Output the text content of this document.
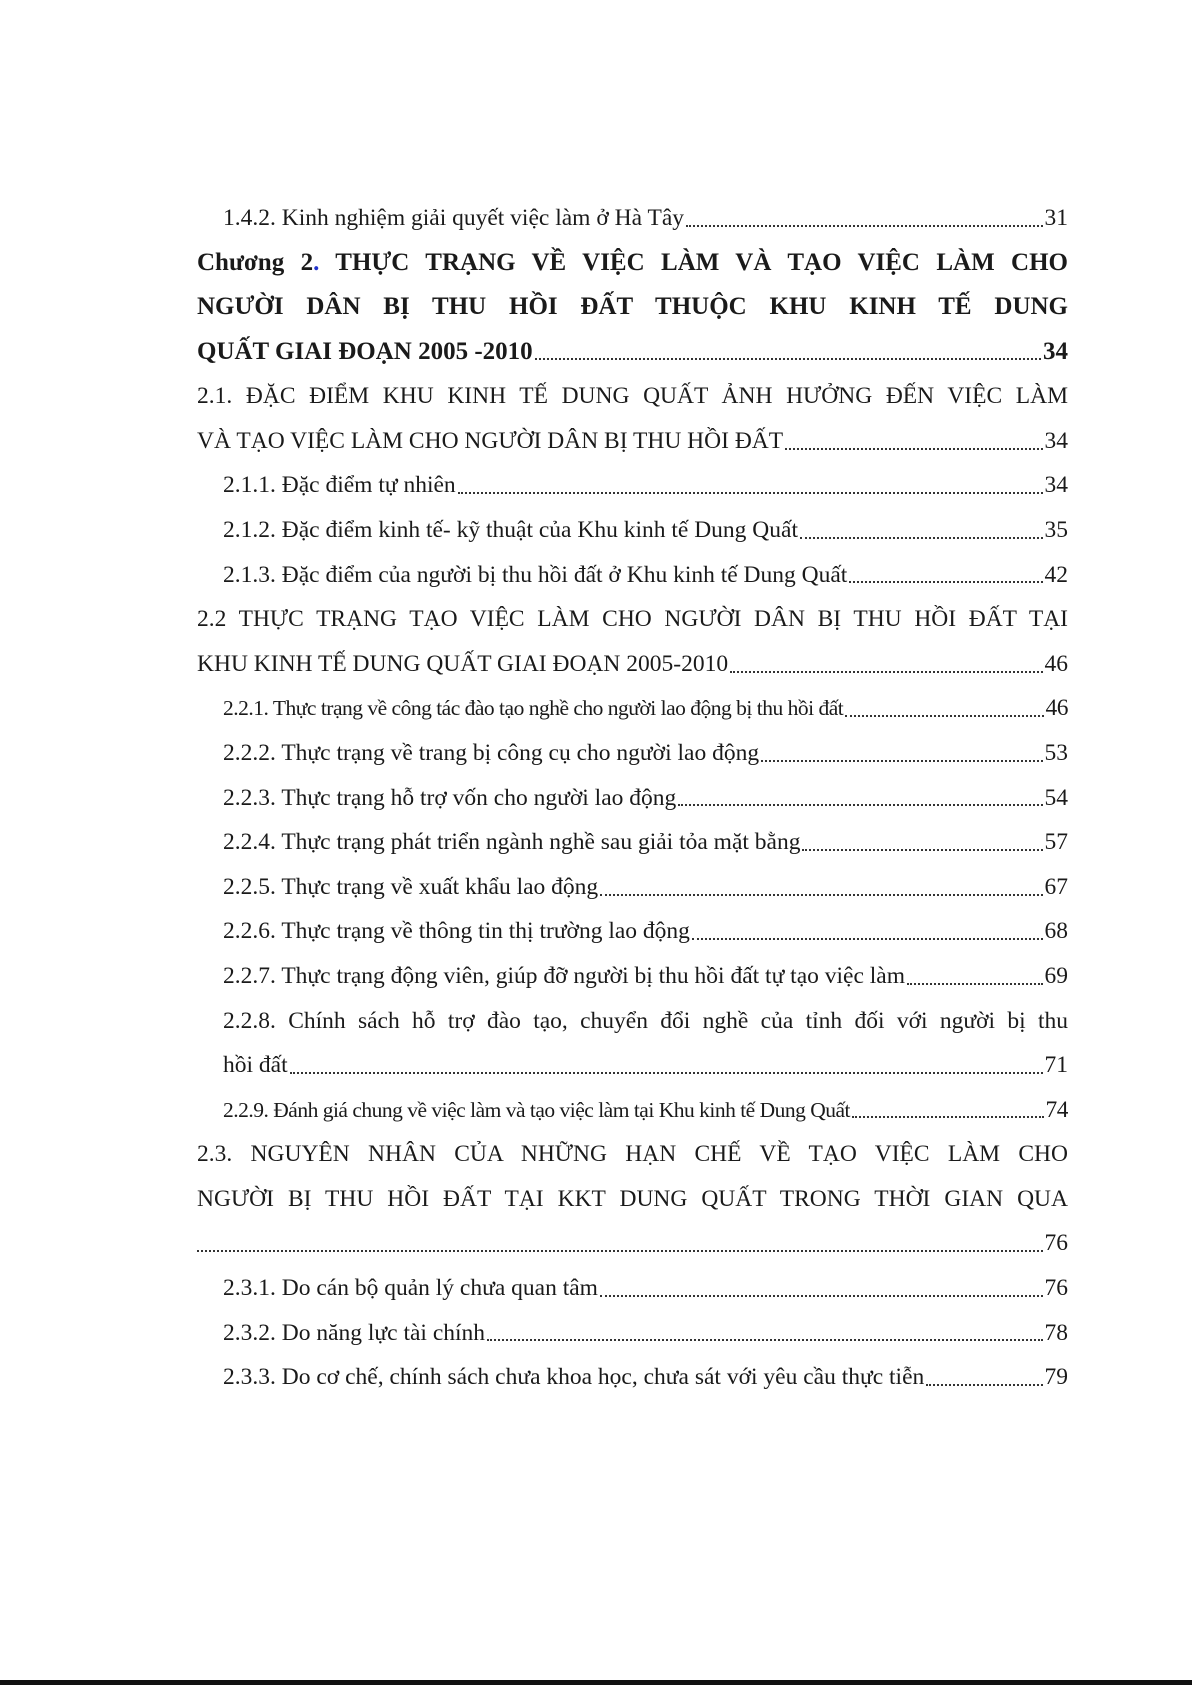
1.4.2. Kinh nghiệm giải quyết việc làm ở Hà Tây	31
Chương 2. THỰC TRẠNG VỀ VIỆC LÀM VÀ TẠO VIỆC LÀM CHO
NGƯỜI DÂN BỊ THU HỒI ĐẤT THUỘC KHU KINH TẾ DUNG
QUẤT GIAI ĐOẠN 2005 -2010	34
2.1. ĐẶC ĐIỂM KHU KINH TẾ DUNG QUẤT ẢNH HƯỞNG ĐẾN VIỆC LÀM
VÀ TẠO VIỆC LÀM CHO NGƯỜI DÂN BỊ THU HỒI ĐẤT	34
2.1.1. Đặc điểm tự nhiên	34
2.1.2. Đặc điểm kinh tế- kỹ thuật của Khu kinh tế Dung Quất	35
2.1.3. Đặc điểm của người bị thu hồi đất ở Khu kinh tế Dung Quất	42
2.2 THỰC TRẠNG TẠO VIỆC LÀM CHO NGƯỜI DÂN BỊ THU HỒI ĐẤT TẠI
KHU KINH TẾ DUNG QUẤT GIAI ĐOẠN 2005-2010	46
2.2.1. Thực trạng về công tác đào tạo nghề cho người lao động bị thu hồi đất	46
2.2.2. Thực trạng về trang bị công cụ cho người lao động	53
2.2.3. Thực trạng hỗ trợ vốn cho người lao động	54
2.2.4. Thực trạng phát triển ngành nghề sau giải tỏa mặt bằng	57
2.2.5. Thực trạng về xuất khẩu lao động	67
2.2.6. Thực trạng về thông tin thị trường lao động	68
2.2.7. Thực trạng động viên, giúp đỡ người bị thu hồi đất tự tạo việc làm	69
2.2.8. Chính sách hỗ trợ đào tạo, chuyển đổi nghề của tỉnh đối với người bị thu
hồi đất	71
2.2.9. Đánh giá chung về việc làm và tạo việc làm tại Khu kinh tế Dung Quất	74
2.3. NGUYÊN NHÂN CỦA NHỮNG HẠN CHẾ VỀ TẠO VIỆC LÀM CHO
NGƯỜI BỊ THU HỒI ĐẤT TẠI KKT DUNG QUẤT TRONG THỜI GIAN QUA
76
2.3.1. Do cán bộ quản lý chưa quan tâm	76
2.3.2. Do năng lực tài chính	78
2.3.3. Do cơ chế, chính sách chưa khoa học, chưa sát với yêu cầu thực tiễn	79
